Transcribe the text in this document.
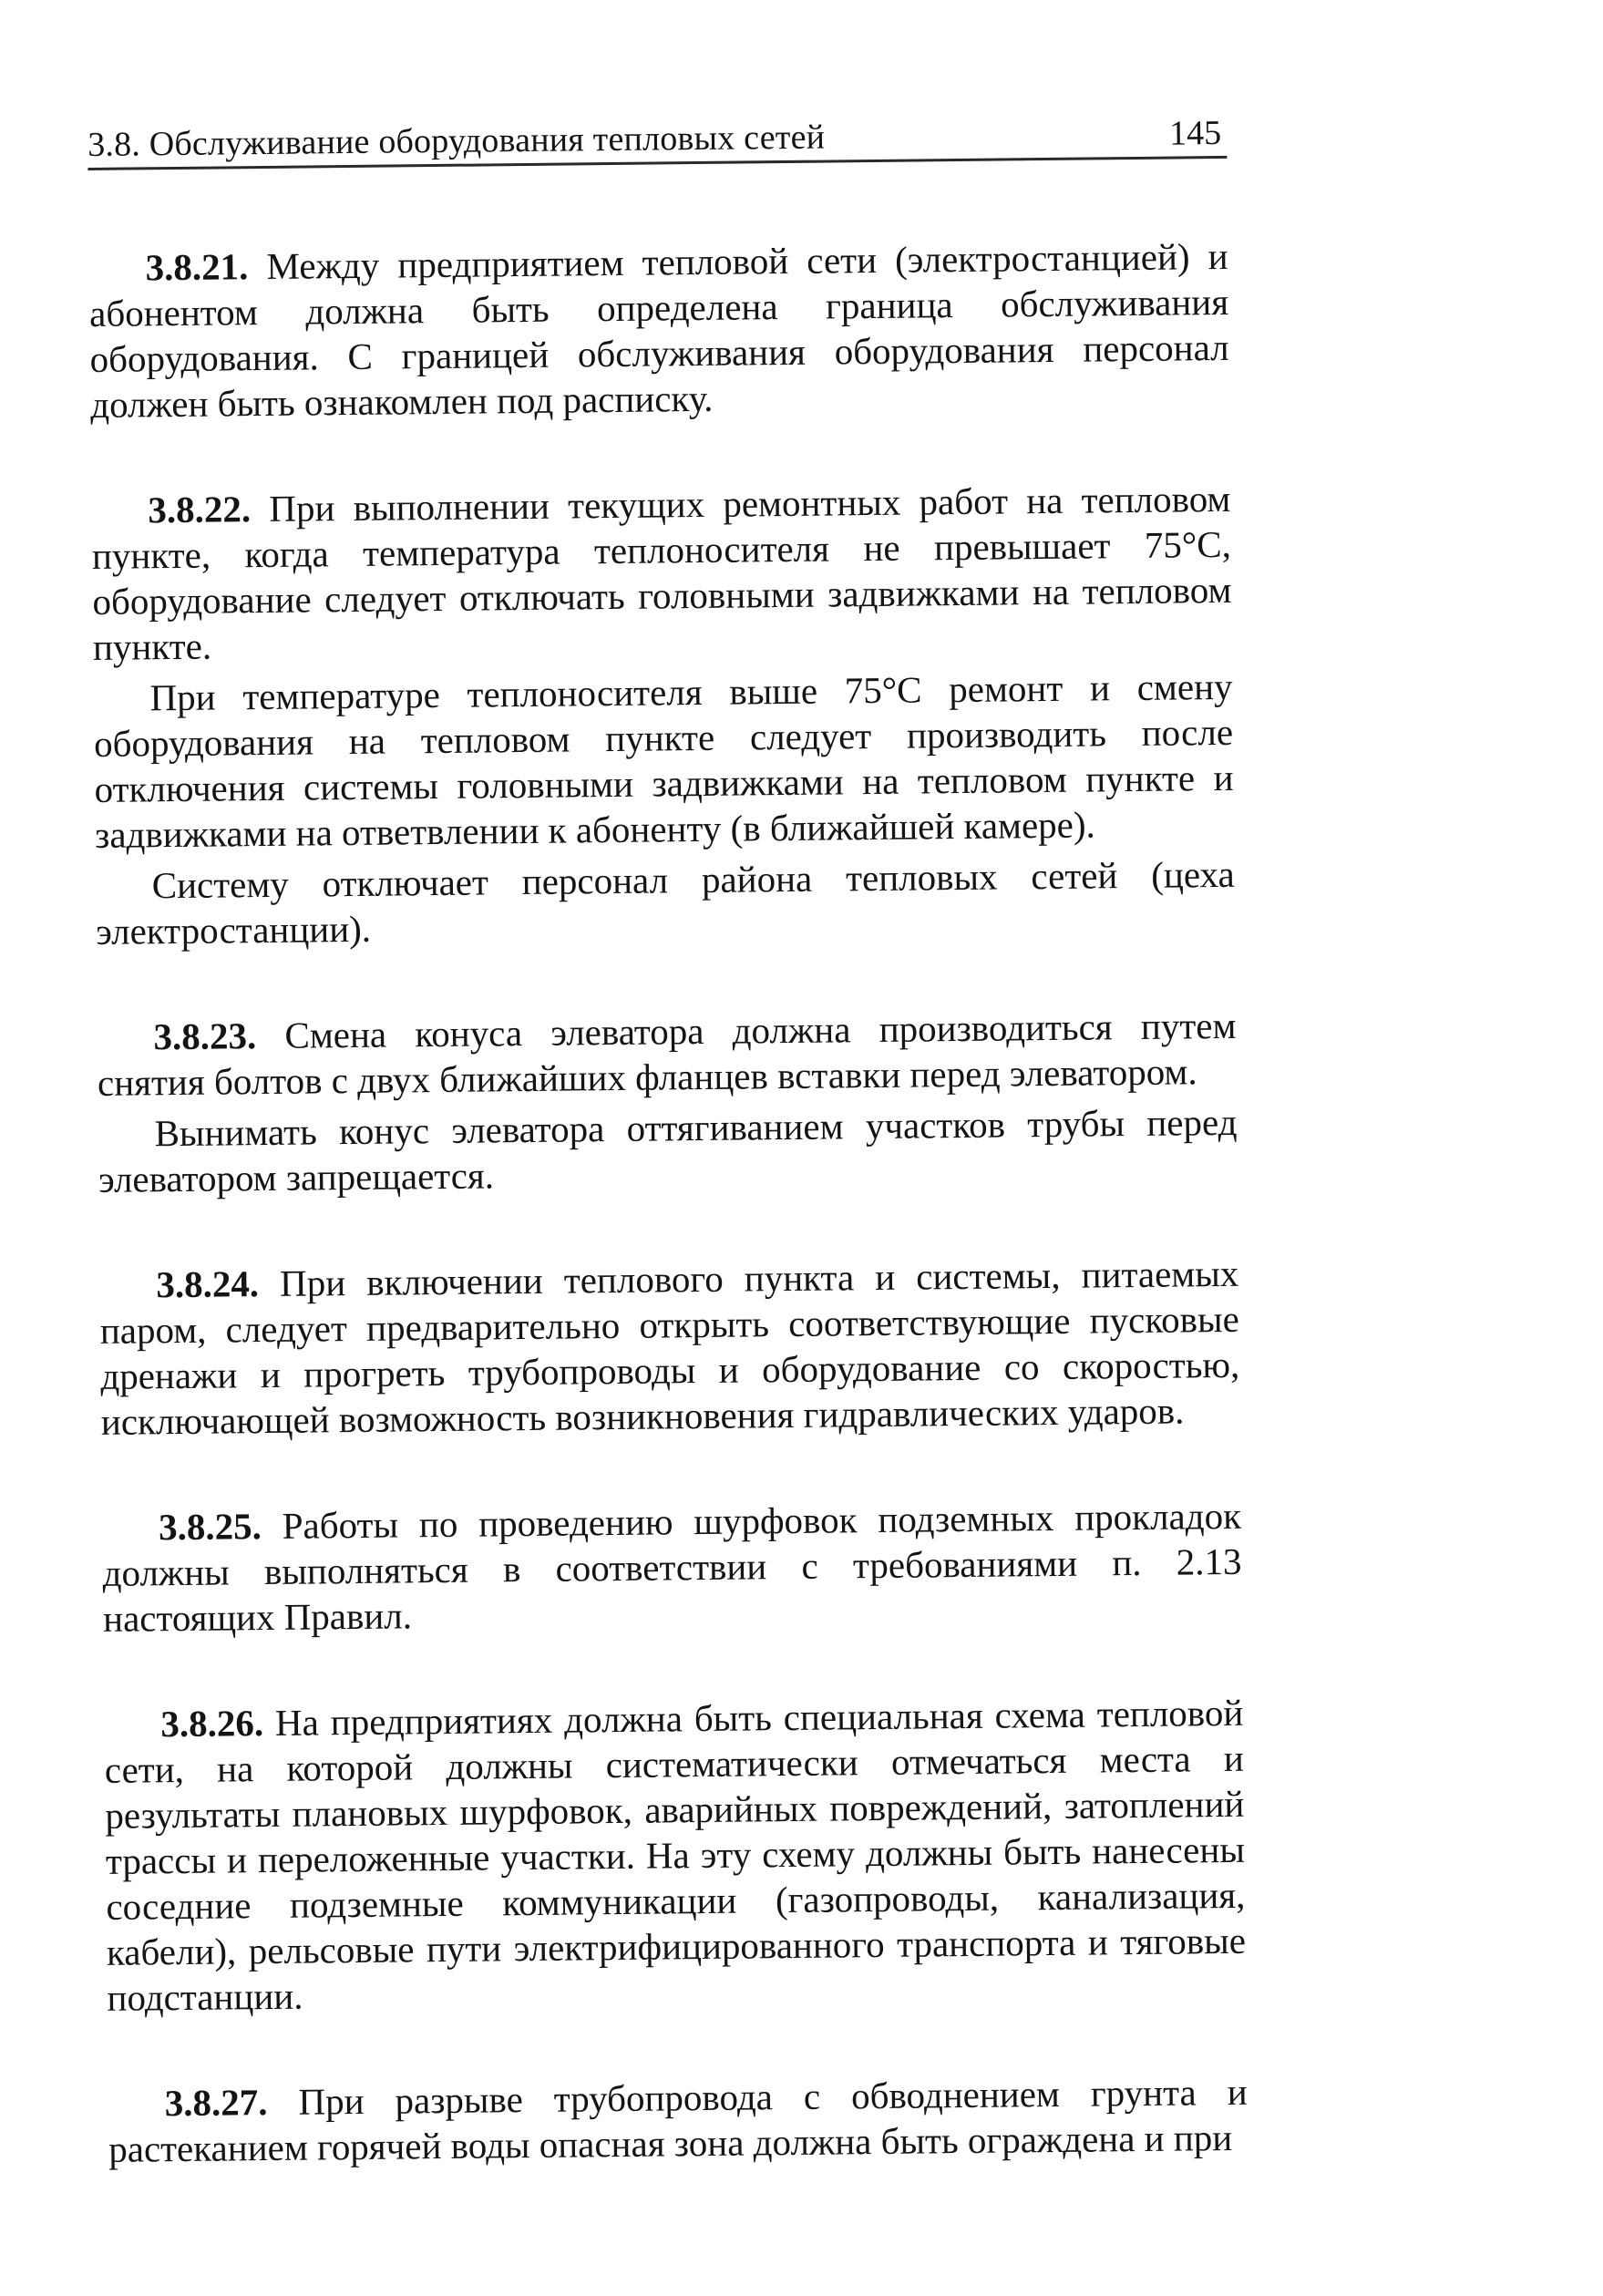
3.8. Обслуживание оборудования тепловых сетей	145

3.8.21. Между предприятием тепловой сети (электростанцией) и абонентом должна быть определена граница обслуживания оборудования. С границей обслуживания оборудования персонал должен быть ознакомлен под расписку.

3.8.22. При выполнении текущих ремонтных работ на тепловом пункте, когда температура теплоносителя не превышает 75°С, оборудование следует отключать головными задвижками на тепловом пункте.

При температуре теплоносителя выше 75°С ремонт и смену оборудования на тепловом пункте следует производить после отключения системы головными задвижками на тепловом пункте и задвижками на ответвлении к абоненту (в ближайшей камере).

Систему отключает персонал района тепловых сетей (цеха электростанции).

3.8.23. Смена конуса элеватора должна производиться путем снятия болтов с двух ближайших фланцев вставки перед элеватором.

Вынимать конус элеватора оттягиванием участков трубы перед элеватором запрещается.

3.8.24. При включении теплового пункта и системы, питаемых паром, следует предварительно открыть соответствующие пусковые дренажи и прогреть трубопроводы и оборудование со скоростью, исключающей возможность возникновения гидравлических ударов.

3.8.25. Работы по проведению шурфовок подземных прокладок должны выполняться в соответствии с требованиями п. 2.13 настоящих Правил.

3.8.26. На предприятиях должна быть специальная схема тепловой сети, на которой должны систематически отмечаться места и результаты плановых шурфовок, аварийных повреждений, затоплений трассы и переложенные участки. На эту схему должны быть нанесены соседние подземные коммуникации (газопроводы, канализация, кабели), рельсовые пути электрифицированного транспорта и тяговые подстанции.

3.8.27. При разрыве трубопровода с обводнением грунта и растеканием горячей воды опасная зона должна быть ограждена и при
